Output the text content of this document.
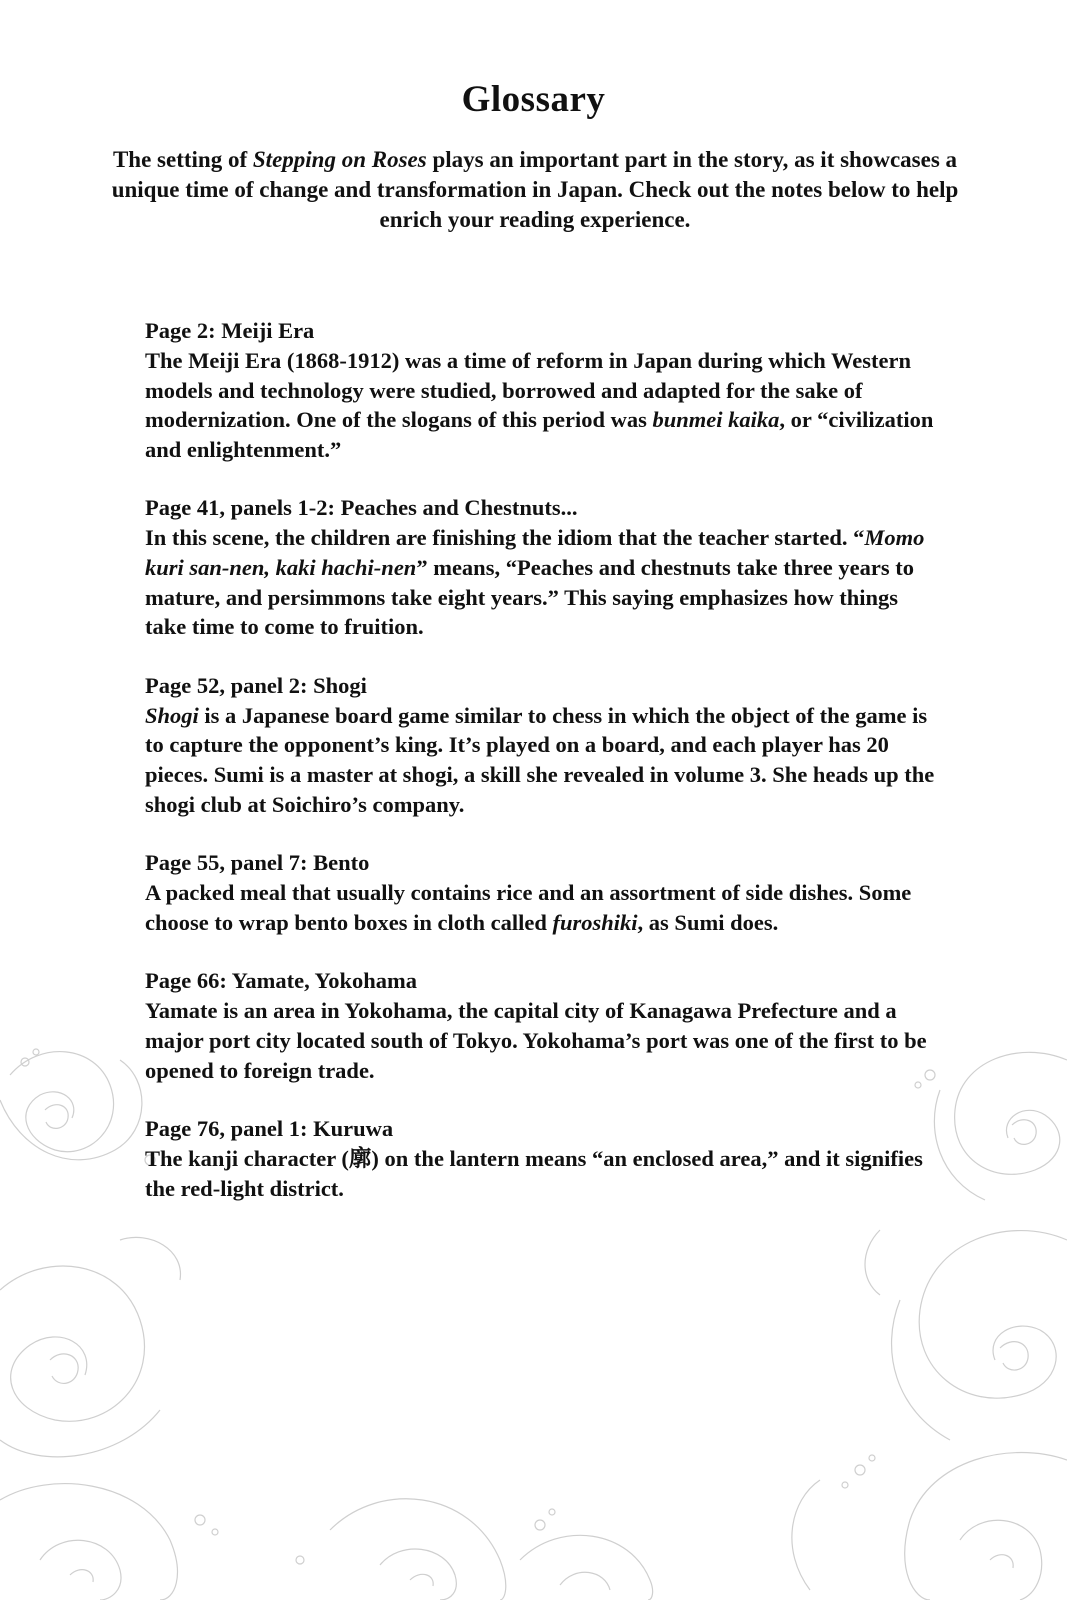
Glossary

The setting of Stepping on Roses plays an important part in the story, as it showcases a unique time of change and transformation in Japan. Check out the notes below to help enrich your reading experience.

Page 2: Meiji Era

The Meiji Era (1868-1912) was a time of reform in Japan during which Western models and technology were studied, borrowed and adapted for the sake of modernization. One of the slogans of this period was bunmei kaika, or “civilization and enlightenment.”

Page 41, panels 1-2: Peaches and Chestnuts...

In this scene, the children are finishing the idiom that the teacher started. “Momo kuri san-nen, kaki hachi-nen” means, “Peaches and chestnuts take three years to mature, and persimmons take eight years.” This saying emphasizes how things take time to come to fruition.

Page 52, panel 2: Shogi

Shogi is a Japanese board game similar to chess in which the object of the game is to capture the opponent’s king. It’s played on a board, and each player has 20 pieces. Sumi is a master at shogi, a skill she revealed in volume 3. She heads up the shogi club at Soichiro’s company.

Page 55, panel 7: Bento

A packed meal that usually contains rice and an assortment of side dishes. Some choose to wrap bento boxes in cloth called furoshiki, as Sumi does.

Page 66: Yamate, Yokohama

Yamate is an area in Yokohama, the capital city of Kanagawa Prefecture and a major port city located south of Tokyo. Yokohama’s port was one of the first to be opened to foreign trade.

Page 76, panel 1: Kuruwa

The kanji character (廓) on the lantern means “an enclosed area,” and it signifies the red-light district.
